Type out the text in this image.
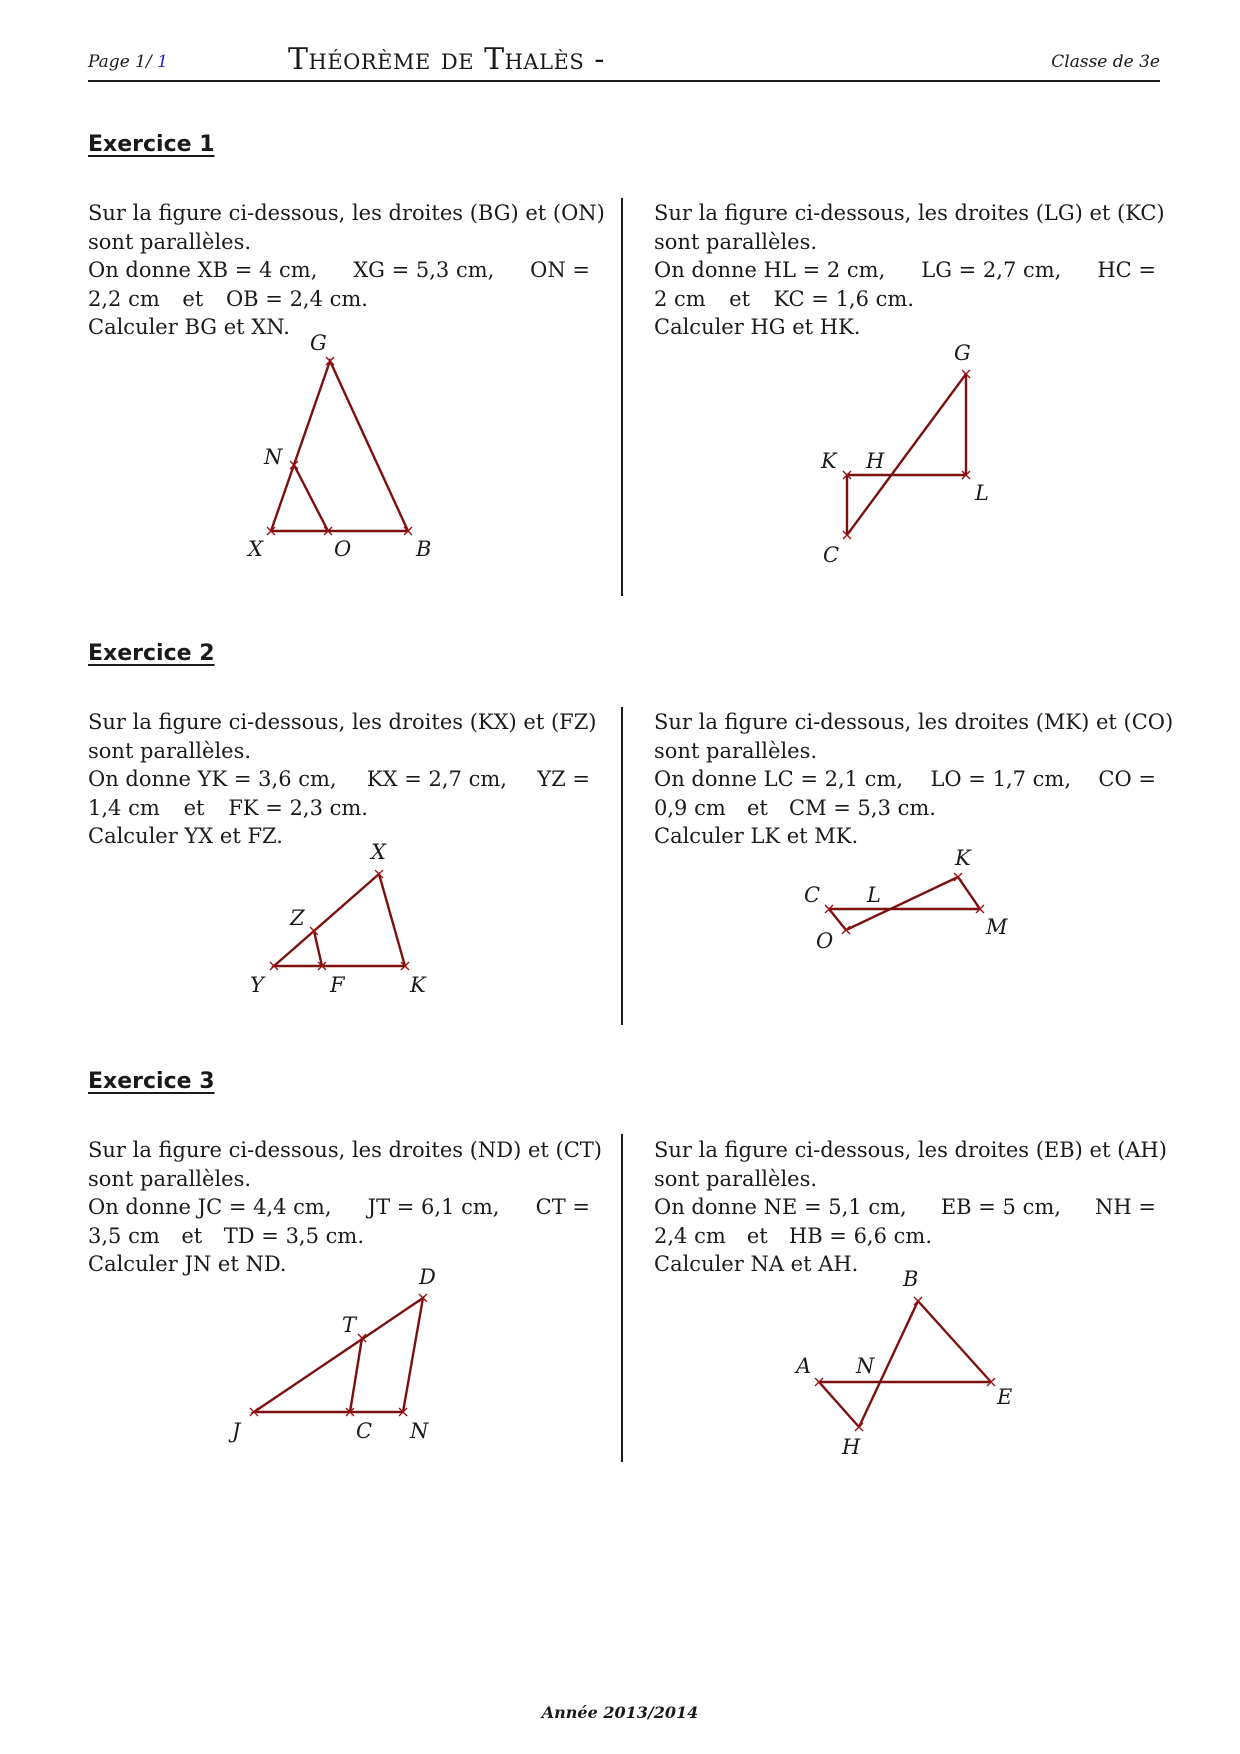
Page 1/ 1	Théorème de Thalès -	Classe de 3e
Exercice 1
Sur la figure ci-dessous, les droites (BG) et (ON)
sont parallèles.
On donne XB = 4 cm, XG = 5,3 cm, ON =
2,2 cm et OB = 2,4 cm.
Calculer BG et XN.
G
N
X	O	B
Sur la figure ci-dessous, les droites (LG) et (KC)
sont parallèles.
On donne HL = 2 cm, LG = 2,7 cm, HC =
2 cm et KC = 1,6 cm.
Calculer HG et HK.
G
K H
L
C
Exercice 2
Sur la figure ci-dessous, les droites (KX) et (FZ)
sont parallèles.
On donne YK = 3,6 cm, KX = 2,7 cm, YZ =
1,4 cm et FK = 2,3 cm.
Calculer YX et FZ.
X
Z
Y	F	K
Sur la figure ci-dessous, les droites (MK) et (CO)
sont parallèles.
On donne LC = 2,1 cm, LO = 1,7 cm, CO =
0,9 cm et CM = 5,3 cm.
Calculer LK et MK.
K
C L
M
O
Exercice 3
Sur la figure ci-dessous, les droites (ND) et (CT)
sont parallèles.
On donne JC = 4,4 cm, JT = 6,1 cm, CT =
3,5 cm et TD = 3,5 cm.
Calculer JN et ND.
D
T
J	C N
Sur la figure ci-dessous, les droites (EB) et (AH)
sont parallèles.
On donne NE = 5,1 cm, EB = 5 cm, NH =
2,4 cm et HB = 6,6 cm.
Calculer NA et AH.
B
A N
E
H
Année 2013/2014
